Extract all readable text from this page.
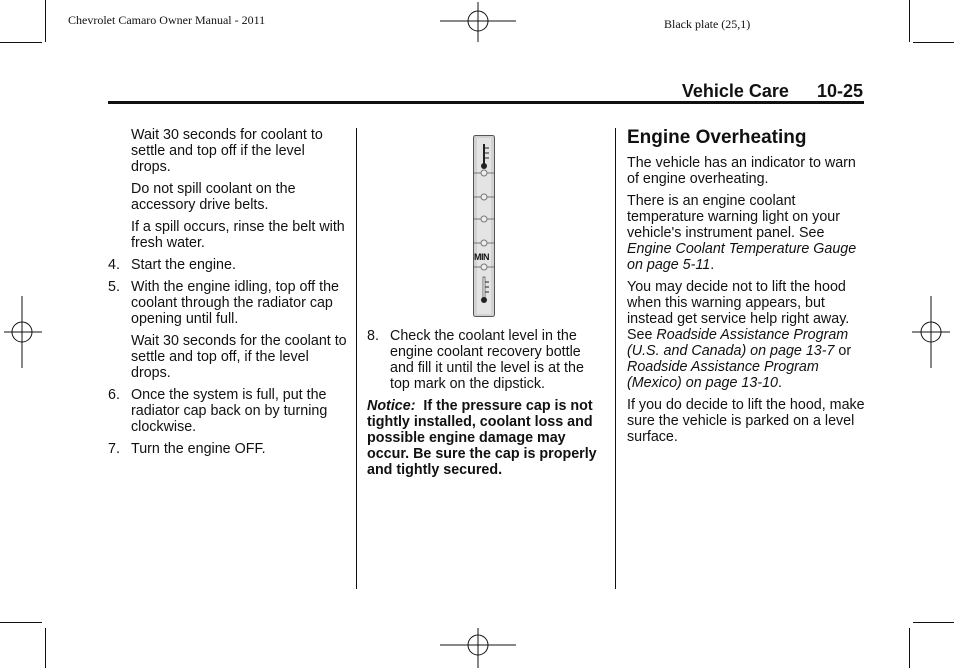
Chevrolet Camaro Owner Manual - 2011	Black plate (25,1)
Vehicle Care 10-25

Wait 30 seconds for coolant to settle and top off if the level drops.

Do not spill coolant on the accessory drive belts.

If a spill occurs, rinse the belt with fresh water.

4. Start the engine.

5. With the engine idling, top off the coolant through the radiator cap opening until full.

Wait 30 seconds for the coolant to settle and top off, if the level drops.

6. Once the system is full, put the radiator cap back on by turning clockwise.

7. Turn the engine OFF.

MIN

8. Check the coolant level in the engine coolant recovery bottle and fill it until the level is at the top mark on the dipstick.

Notice: If the pressure cap is not tightly installed, coolant loss and possible engine damage may occur. Be sure the cap is properly and tightly secured.

Engine Overheating

The vehicle has an indicator to warn of engine overheating.

There is an engine coolant temperature warning light on your vehicle's instrument panel. See Engine Coolant Temperature Gauge on page 5-11.

You may decide not to lift the hood when this warning appears, but instead get service help right away. See Roadside Assistance Program (U.S. and Canada) on page 13-7 or Roadside Assistance Program (Mexico) on page 13-10.

If you do decide to lift the hood, make sure the vehicle is parked on a level surface.
